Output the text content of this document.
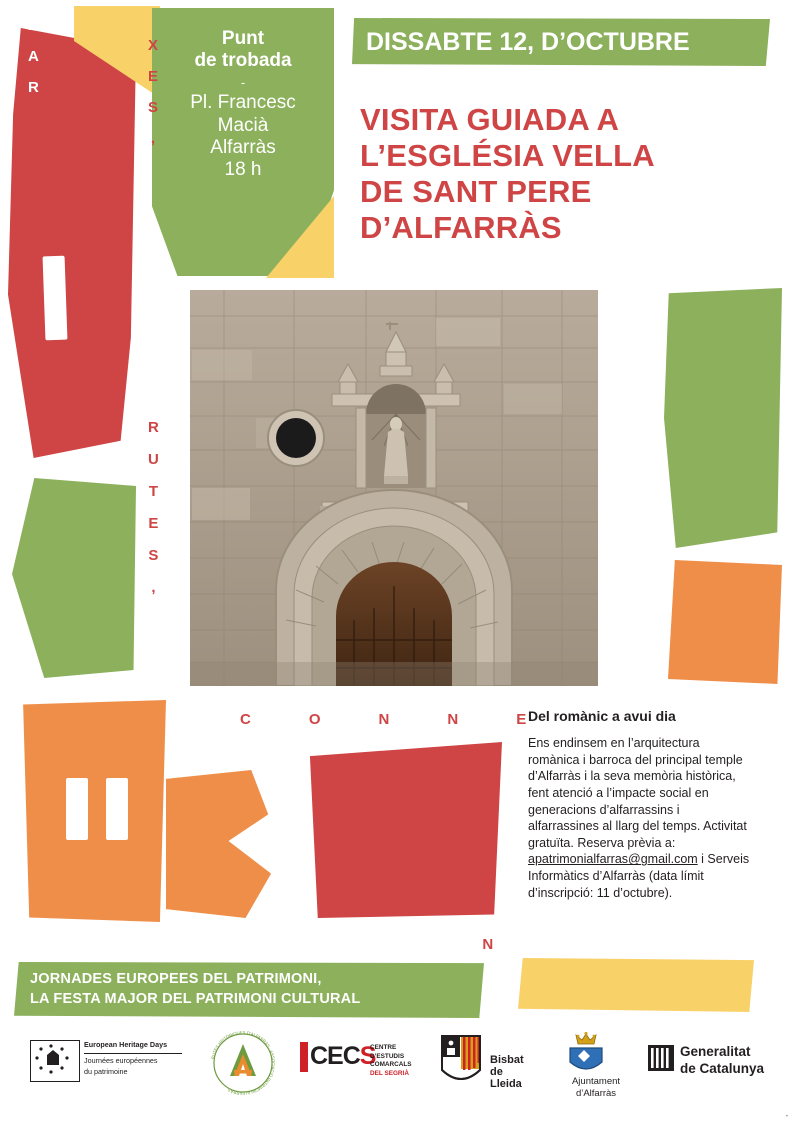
X
A
R
X
E
S
,
R
U
T
E
S
,
C	O	N	N	E
X
I
O
N
Punt
de trobada
-
Pl. Francesc
Macià
Alfarràs
18 h
DISSABTE 12, D’OCTUBRE
VISITA GUIADA A
L’ESGLÉSIA VELLA
DE SANT PERE
D’ALFARRÀS
Del romànic a avui dia
Ens endinsem en l’arquitectura romànica i barroca del principal temple d’Alfarràs i la seva memòria històrica, fent atenció a l’impacte social en generacions d’alfarrassins i alfarrassines al llarg del temps. Activitat gratuïta. Reserva prèvia a: apatrimonialfarras@gmail.com i Serveis Informàtics d’Alfarràs (data límit d’inscripció: 11 d’octubre).
JORNADES EUROPEES DEL PATRIMONI,
LA FESTA MAJOR DEL PATRIMONI CULTURAL
European Heritage Days
Journées européennes
du patrimoine
RUTES HISTÒRIQUES D’ALFARRÀS · ASSOCIACIÓ PATRIMONI ALFARRÀS
CECS
CENTRE
D’ESTUDIS
COMARCALS
DEL SEGRIÀ
Bisbat
de
Lleida	Ajuntament
d’Alfarràs
Generalitat
de Catalunya
•
